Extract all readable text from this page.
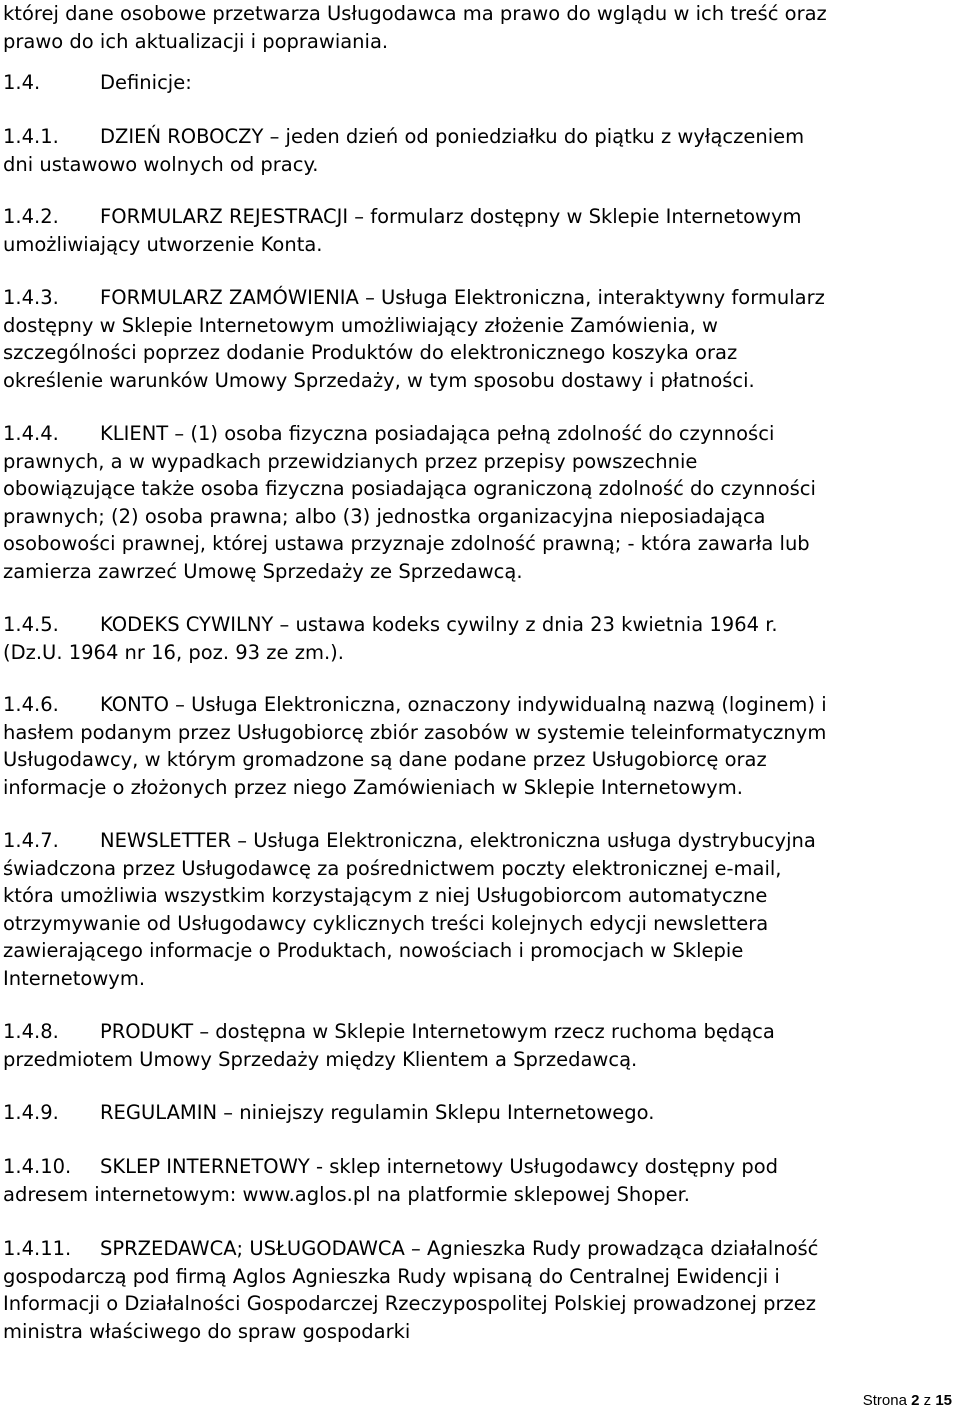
której dane osobowe przetwarza Usługodawca ma prawo do wglądu w ich treść oraz
prawo do ich aktualizacji i poprawiania.

1.4.	Definicje:

1.4.1. DZIEŃ ROBOCZY – jeden dzień od poniedziałku do piątku z wyłączeniem
dni ustawowo wolnych od pracy.

1.4.2. FORMULARZ REJESTRACJI – formularz dostępny w Sklepie Internetowym
umożliwiający utworzenie Konta.

1.4.3. FORMULARZ ZAMÓWIENIA – Usługa Elektroniczna, interaktywny formularz
dostępny w Sklepie Internetowym umożliwiający złożenie Zamówienia, w
szczególności poprzez dodanie Produktów do elektronicznego koszyka oraz
określenie warunków Umowy Sprzedaży, w tym sposobu dostawy i płatności.

1.4.4. KLIENT – (1) osoba fizyczna posiadająca pełną zdolność do czynności
prawnych, a w wypadkach przewidzianych przez przepisy powszechnie
obowiązujące także osoba fizyczna posiadająca ograniczoną zdolność do czynności
prawnych; (2) osoba prawna; albo (3) jednostka organizacyjna nieposiadająca
osobowości prawnej, której ustawa przyznaje zdolność prawną; - która zawarła lub
zamierza zawrzeć Umowę Sprzedaży ze Sprzedawcą.

1.4.5. KODEKS CYWILNY – ustawa kodeks cywilny z dnia 23 kwietnia 1964 r.
(Dz.U. 1964 nr 16, poz. 93 ze zm.).

1.4.6. KONTO – Usługa Elektroniczna, oznaczony indywidualną nazwą (loginem) i
hasłem podanym przez Usługobiorcę zbiór zasobów w systemie teleinformatycznym
Usługodawcy, w którym gromadzone są dane podane przez Usługobiorcę oraz
informacje o złożonych przez niego Zamówieniach w Sklepie Internetowym.

1.4.7. NEWSLETTER – Usługa Elektroniczna, elektroniczna usługa dystrybucyjna
świadczona przez Usługodawcę za pośrednictwem poczty elektronicznej e-mail,
która umożliwia wszystkim korzystającym z niej Usługobiorcom automatyczne
otrzymywanie od Usługodawcy cyklicznych treści kolejnych edycji newslettera
zawierającego informacje o Produktach, nowościach i promocjach w Sklepie
Internetowym.

1.4.8. PRODUKT – dostępna w Sklepie Internetowym rzecz ruchoma będąca
przedmiotem Umowy Sprzedaży między Klientem a Sprzedawcą.

1.4.9. REGULAMIN – niniejszy regulamin Sklepu Internetowego.

1.4.10. SKLEP INTERNETOWY - sklep internetowy Usługodawcy dostępny pod
adresem internetowym: www.aglos.pl na platformie sklepowej Shoper.

1.4.11. SPRZEDAWCA; USŁUGODAWCA – Agnieszka Rudy prowadząca działalność
gospodarczą pod firmą Aglos Agnieszka Rudy wpisaną do Centralnej Ewidencji i
Informacji o Działalności Gospodarczej Rzeczypospolitej Polskiej prowadzonej przez
ministra właściwego do spraw gospodarki

Strona 2 z 15
